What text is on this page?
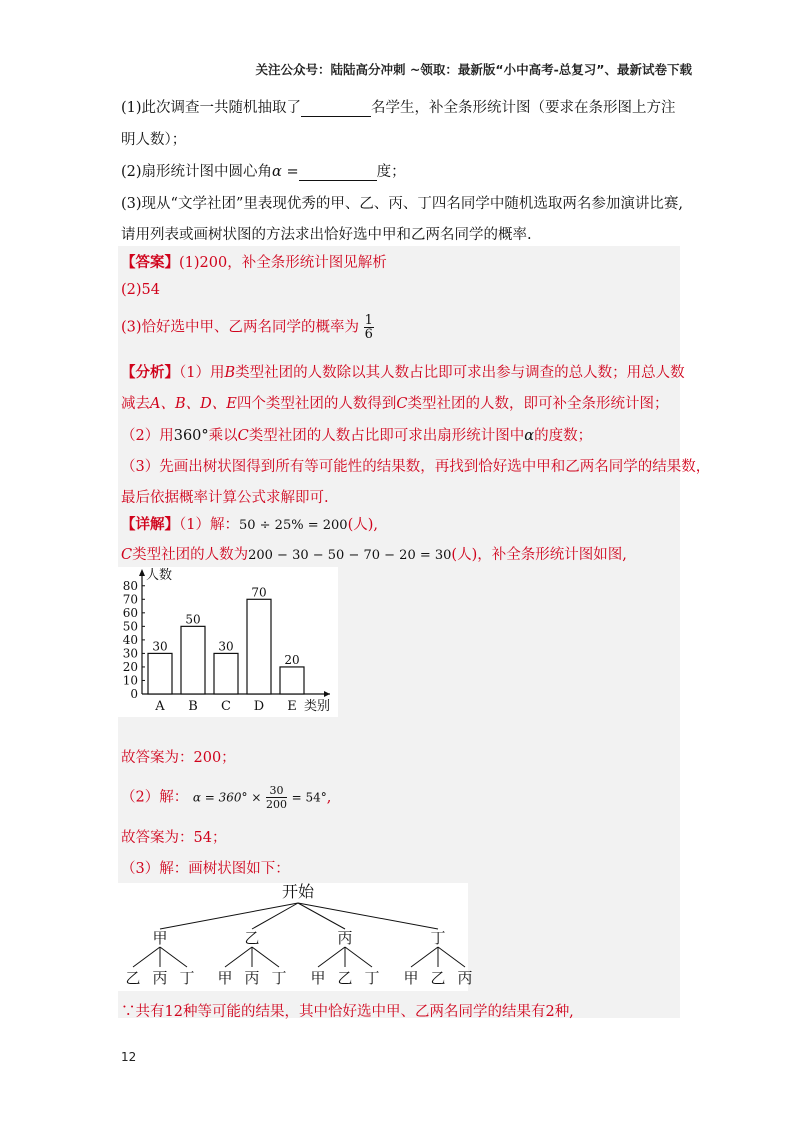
关注公众号：陆陆高分冲刺 ~领取：最新版“小中高考-总复习”、最新试卷下载
(1)此次调查一共随机抽取了	名学生，补全条形统计图（要求在条形图上方注
明人数）；
(2)扇形统计图中圆心角α =	度；
(3)现从“文学社团”里表现优秀的甲、乙、丙、丁四名同学中随机选取两名参加演讲比赛,
请用列表或画树状图的方法求出恰好选中甲和乙两名同学的概率.
【答案】(1)200，补全条形统计图见解析
(2)54
(3)恰好选中甲、乙两名同学的概率为 $\frac{1}{6}$
【分析】（1）用B类型社团的人数除以其人数占比即可求出参与调查的总人数；用总人数
减去A、B、D、E四个类型社团的人数得到C类型社团的人数，即可补全条形统计图；
（2）用360°乘以C类型社团的人数占比即可求出扇形统计图中α的度数；
（3）先画出树状图得到所有等可能性的结果数，再找到恰好选中甲和乙两名同学的结果数，
最后依据概率计算公式求解即可.
【详解】（1）解：50 ÷ 25% = 200(人),
C类型社团的人数为200 − 30 − 50 − 70 − 20 = 30(人)，补全条形统计图如图,
0
10
20
30
40
50
60
70
80
人数
类别
30
A
50
B
30
C
70
D
20
E
故答案为：200；
（2）解： $\alpha = 360^\circ \times \frac{30}{200} = 54^\circ$,
故答案为：54；
（3）解：画树状图如下：
开始
甲
乙 丙 丁
乙
甲 丙 丁
丙
甲 乙 丁
丁
甲 乙 丙
∵共有12种等可能的结果，其中恰好选中甲、乙两名同学的结果有2种,
12
